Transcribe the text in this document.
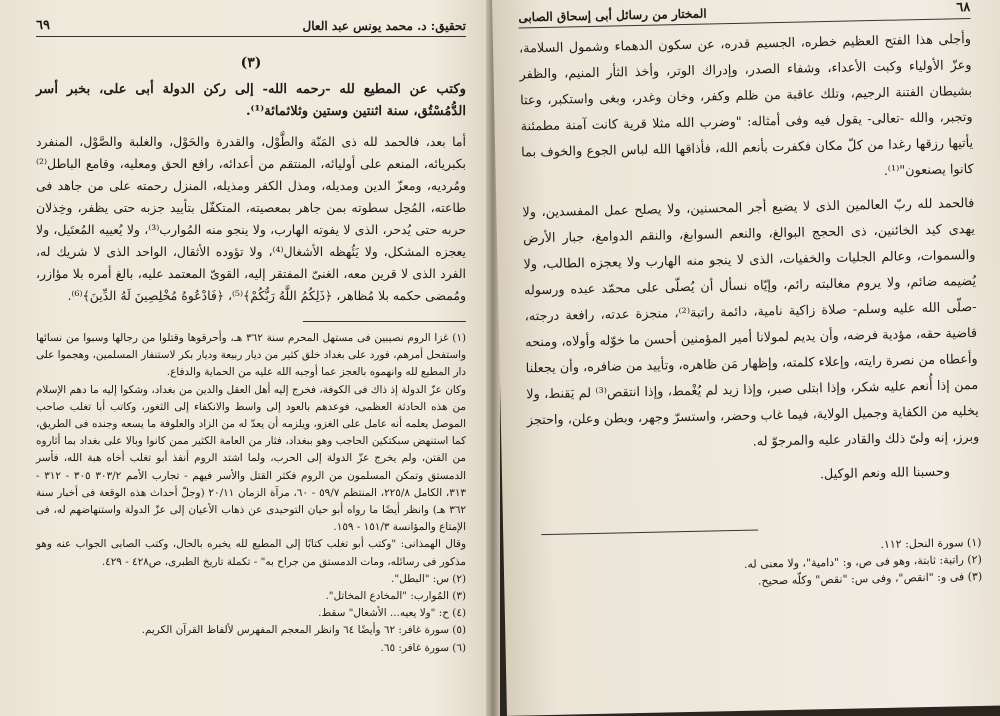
تحقيق: د. محمد يونس عبد العال
٦٩
(٣)

وكتب عن المطيع لله -رحمه الله- إلى ركن الدولة أبى على، بخبر أسر الدُّمُسْتُق، سنة اثنتين وستين وثلاثمائة⁽¹⁾.

أما بعد، فالحمد لله ذى المَنّة والطَّوْل، والقدرة والحَوْل، والغلبة والصَّوْل، المنفرد بكبريائه، المنعم على أوليائه، المنتقم من أعدائه، رافع الحق ومعليه، وقامع الباطل⁽²⁾ ومُرديه، ومعزّ الدين ومديله، ومذل الكفر ومذيله، المنزل رحمته على من جاهد فى طاعته، المُحِل سطوته بمن جاهر بمعصيته، المتكفّل بتأييد جزبه حتى يظفر، وخِذلان حربه حتى يُدحر، الذى لا يفوته الهارب، ولا ينجو منه المُوارب⁽³⁾، ولا يُعييه المُعتَيل، ولا يعجزه المشكل، ولا يَئُهظه الأشغال⁽⁴⁾، ولا تؤوده الأثقال، الواحد الذى لا شريك له، الفرد الذى لا قرين معه، الغنىّ المفتقر إليه، القوىّ المعتمد عليه، بالغ أمره بلا مؤازر، ومُمضى حكمه بلا مُظاهر، ﴿ذَلِكُمُ اللَّهُ رَبُّكُمْ﴾⁽⁵⁾، ﴿فَادْعُوهُ مُخْلِصِينَ لَهُ الدِّينَ﴾⁽⁶⁾.

(١) غزا الروم نصيبين فى مستهل المحرم سنة ٣٦٢ هـ، وأحرقوها وقتلوا من رجالها وسبوا من نسائها واستفحل أمرهم، فورد على بغداد خلق كثير من ديار ربيعة وديار بكر لاستنفار المسلمين، وهجموا على دار المطيع لله وانهموه بالعجز عما أوجبه الله عليه من الحماية والدفاع.

وكان عزّ الدولة إذ ذاك فى الكوفة، فخرج إليه أهل العقل والدين من بغداد، وشكوا إليه ما دهم الإسلام من هذه الحادثة العظمى، فوعدهم بالعود إلى واسط والانكفاء إلى الثغور، وكاتب أبا تغلب صاحب الموصل يعلمه أنه عامل على الغزو، ويلزمه أن يعدّ له من الزاد والعلوفة ما يسعه وجنده فى الطريق، كما استنهض سبكتكين الحاجب وهو ببغداد، فثار من العامة الكثير ممن كانوا وبالا على بغداد بما أثاروه من الفتن، ولم يخرج عزّ الدولة إلى الحرب، ولما اشتد الروم أنفذ أبو تغلب أخاه هبة الله، فأسر الدمستق وتمكن المسلمون من الروم فكثر القتل والأسر فيهم - تجارب الأمم ٣٠٣/٢ ٣٠٥ - ٣١٢ - ٣١٣، الكامل ٢٢٥/٨، المنتظم ٥٩/٧ - ٦٠، مرآة الزمان ٢٠/١١ (وجلّ أحداث هذه الوقعة فى أخبار سنة ٣٦٢ هـ) وانظر أيضًا ما رواه أبو حيان التوحيدى عن ذهاب الأعيان إلى عزّ الدولة واستنهاضهم له، فى الإمتاع والمؤانسة ١٥١/٣ - ١٥٩.

وقال الهمذانى: "وكتب أبو تغلب كتابًا إلى المطيع لله يخبره بالحال، وكتب الصابى الجواب عنه وهو مذكور فى رسائله، ومات الدمستق من جراح به" - تكملة تاريخ الطبرى، ص٤٢٨ - ٤٢٩.

(٢) س: "البطل".

(٣) المُوارب: "المخادع المخاتل".

(٤) ح: "ولا يعيه... الأشغال" سقط.

(٥) سورة غافر: ٦٢ وأيضًا ٦٤ وانظر المعجم المفهرس لألفاظ القرآن الكريم.

(٦) سورة غافر: ٦٥.

٦٨
المختار من رسائل أبى إسحاق الصابى

وأجلى هذا الفتح العظيم خطره، الجسيم قدره، عن سكون الدهماء وشمول السلامة، وعزّ الأولياء وكبت الأعداء، وشفاء الصدر، وإدراك الوتر، وأخذ الثأر المنيم، والظفر بشيطان الفتنة الرجيم، وتلك عاقبة من ظلم وكفر، وخان وغدر، وبغى واستكبر، وعتا وتجبر، والله -تعالى- يقول فيه وفى أمثاله: "وضرب الله مثلا قرية كانت آمنة مطمئنة يأتيها رزقها رغدا من كلّ مكان فكفرت بأنعم الله، فأذاقها الله لباس الجوع والخوف بما كانوا يصنعون"⁽¹⁾.

فالحمد لله ربّ العالمين الذى لا يضيع أجر المحسنين، ولا يصلح عمل المفسدين، ولا يهدى كيد الخائنين، ذى الحجج البوالغ، والنعم السوابغ، والنقم الدوامغ، جبار الأرض والسموات، وعالم الجليات والخفيات، الذى لا ينجو منه الهارب ولا يعجزه الطالب، ولا يُضيمه ضائم، ولا يروم مغالبته رائم، وإيّاه نسأل أن يُصلّى على محمّد عبده ورسوله -صلّى الله عليه وسلم- صلاة زاكية نامية، دائمة راتبة⁽²⁾، منجزة عدته، رافعة درجته، قاضية حقه، مؤدية فرضه، وأن يديم لمولانا أمير المؤمنين أحسن ما خوّله وأولاه، ومنحه وأعطاه من نصرة رايته، وإعلاء كلمته، وإظهار مَن ظاهره، وتأييد من ضافره، وأن يجعلنا ممن إذا أُنعم عليه شكر، وإذا ابتلى صبر، وإذا زيد لم يُغْمط، وإذا انتقص⁽³⁾ لم يَقنط، ولا يخليه من الكفاية وجميل الولاية، فيما غاب وحضر، واستسرّ وجهر، وبطن وعلن، واحتجز وبرز، إنه ولىّ ذلك والقادر عليه والمرجوّ له.

وحسبنا الله ونعم الوكيل.

(١) سورة النحل: ١١٢.

(٢) راتبة: ثابتة، وهو فى ص، و: "دامية"، ولا معنى له.

(٣) فى و: "انقص"، وفى س: "نقص" وكلّه صحيح.
